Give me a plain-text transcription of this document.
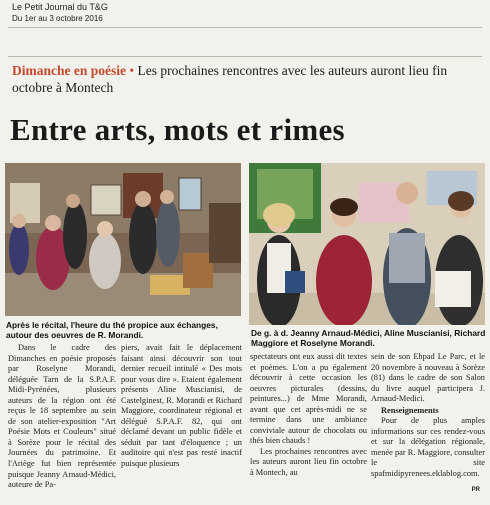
Le Petit Journal du T&G
Du 1er au 3 octobre 2016
Dimanche en poésie • Les prochaines rencontres avec les auteurs auront lieu fin octobre à Montech
Entre arts, mots et rimes
Après le récital, l'heure du thé propice aux échanges, autour des oeuvres de R. Morandi.	De g. à d. Jeanny Arnaud-Médici, Aline Muscianisi, Richard Maggiore et Roselyne Morandi.
Dans le cadre des Dimanches en poésie proposés par Roselyne Morandi, déléguée Tarn de la S.P.A.F. Midi-Pyrénées, plusieurs auteurs de la région ont été reçus le 18 septembre au sein de son atelier-exposition "Art Poésie Mots et Couleurs" situé à Sorèze pour le récital des Journées du patrimoine. Et l'Ariège fut bien représentée puisque Jeanny Arnaud-Médici, auteure de Pa-
piers, avait fait le déplacement faisant ainsi découvrir son tout dernier recueil intitulé « Des mots pour vous dire ». Etaient également présents Aline Muscianisi, de Castelginest, R. Morandi et Richard Maggiore, coordinateur régional et délégué S.P.A.F. 82, qui ont déclamé devant un public fidèle et séduit par tant d'éloquence ; un auditoire qui n'est pas resté inactif puisque plusieurs
spectateurs ont eux aussi dit textes et poèmes. L'on a pu également découvrir à cette occasion les oeuvres picturales (dessins, peintures...) de Mme Morandi, avant que cet après-midi ne se termine dans une ambiance conviviale autour de chocolats ou thés bien chauds !
Les prochaines rencontres avec les auteurs auront lieu fin octobre à Montech, au
sein de son Ehpad Le Parc, et le 20 novembre à nouveau à Sorèze (81) dans le cadre de son Salon du livre auquel participera J. Arnaud-Medici.
Renseignements
Pour de plus amples informations sur ces rendez-vous et sur la délégation régionale, menée par R. Maggiore, consulter le site spafmidipyrenees.eklablog.com.
PR
